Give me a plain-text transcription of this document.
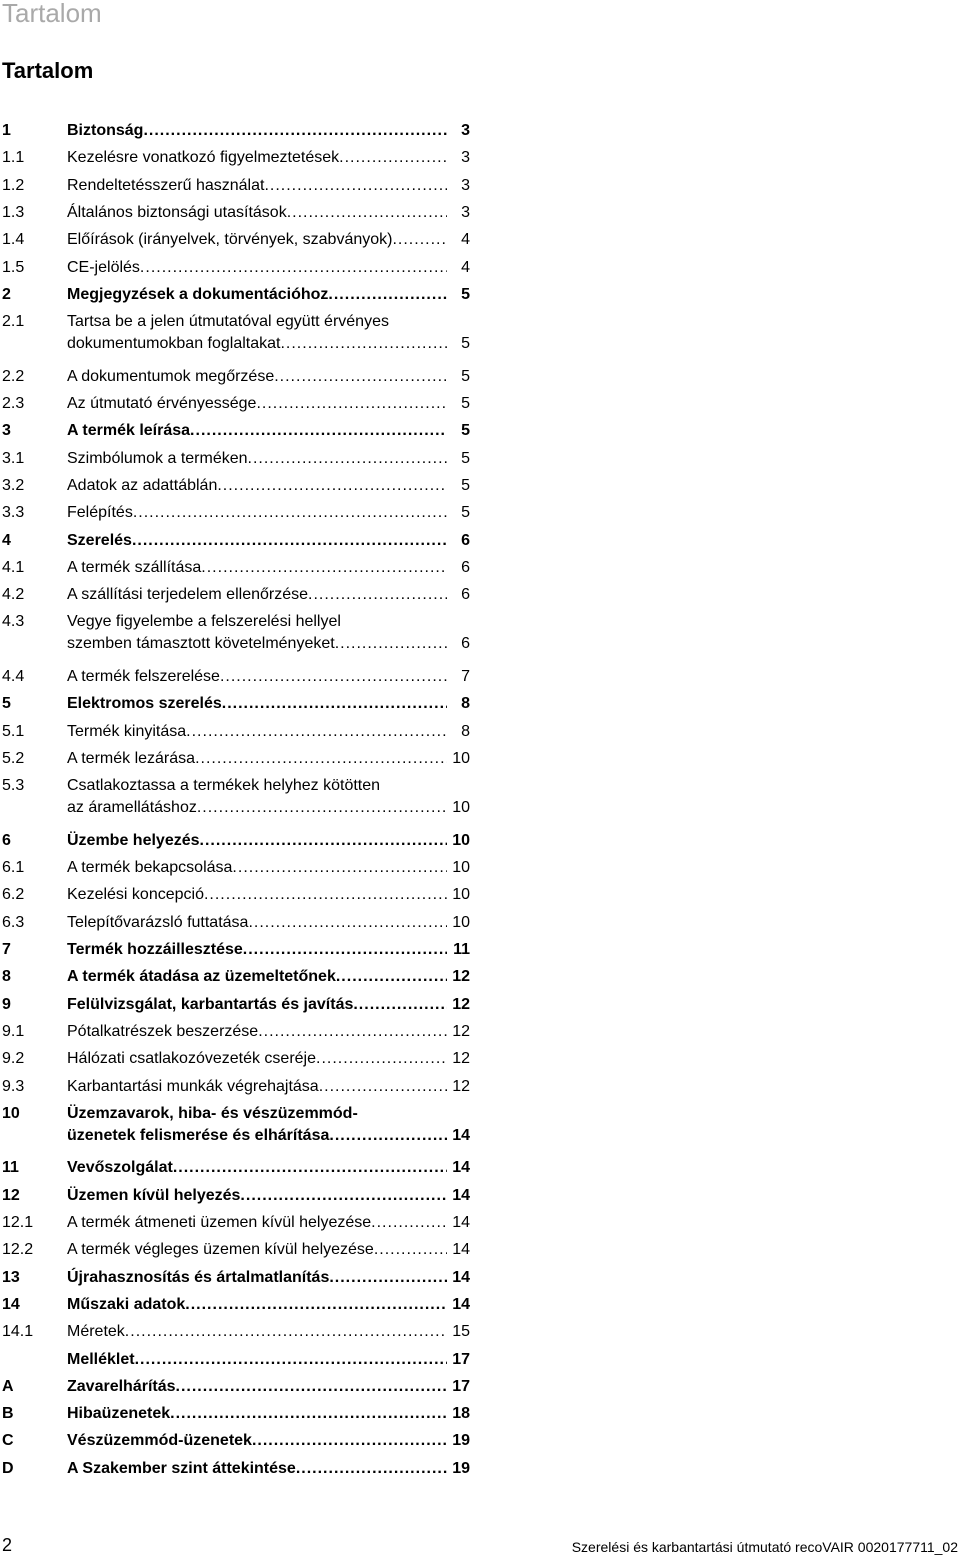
Tartalom
Tartalom
1	Biztonság .....	3
1.1	Kezelésre vonatkozó figyelmeztetések .....	3
1.2	Rendeltetésszerű használat .....	3
1.3	Általános biztonsági utasítások .....	3
1.4	Előírások (irányelvek, törvények, szabványok) .....	4
1.5	CE-jelölés .....	4
2	Megjegyzések a dokumentációhoz .....	5
2.1	Tartsa be a jelen útmutatóval együtt érvényes
dokumentumokban foglaltakat .....	5
2.2	A dokumentumok megőrzése .....	5
2.3	Az útmutató érvényessége .....	5
3	A termék leírása .....	5
3.1	Szimbólumok a terméken .....	5
3.2	Adatok az adattáblán .....	5
3.3	Felépítés .....	5
4	Szerelés .....	6
4.1	A termék szállítása .....	6
4.2	A szállítási terjedelem ellenőrzése .....	6
4.3	Vegye figyelembe a felszerelési hellyel
szemben támasztott követelményeket .....	6
4.4	A termék felszerelése .....	7
5	Elektromos szerelés .....	8
5.1	Termék kinyitása .....	8
5.2	A termék lezárása .....	10
5.3	Csatlakoztassa a termékek helyhez kötötten
az áramellátáshoz .....	10
6	Üzembe helyezés .....	10
6.1	A termék bekapcsolása .....	10
6.2	Kezelési koncepció .....	10
6.3	Telepítővarázsló futtatása .....	10
7	Termék hozzáillesztése .....	11
8	A termék átadása az üzemeltetőnek .....	12
9	Felülvizsgálat, karbantartás és javítás .....	12
9.1	Pótalkatrészek beszerzése .....	12
9.2	Hálózati csatlakozóvezeték cseréje .....	12
9.3	Karbantartási munkák végrehajtása .....	12
10	Üzemzavarok, hiba- és vészüzemmód-
üzenetek felismerése és elhárítása .....	14
11	Vevőszolgálat .....	14
12	Üzemen kívül helyezés .....	14
12.1 A termék átmeneti üzemen kívül helyezése .....	14
12.2 A termék végleges üzemen kívül helyezése .....	14
13	Újrahasznosítás és ártalmatlanítás .....	14
14	Műszaki adatok .....	14
14.1 Méretek .....	15
Melléklet .....	17
A	Zavarelhárítás .....	17
B	Hibaüzenetek .....	18
C	Vészüzemmód-üzenetek .....	19
D	A Szakember szint áttekintése .....	19
2	Szerelési és karbantartási útmutató recoVAIR 0020177711_02
